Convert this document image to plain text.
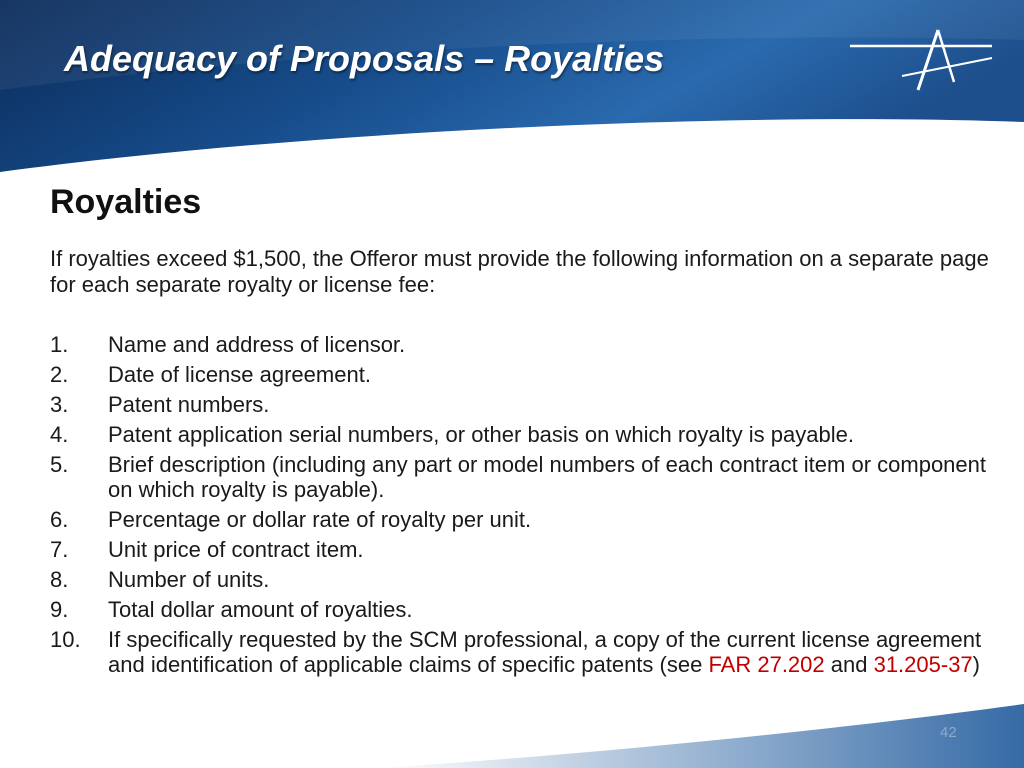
Adequacy of Proposals – Royalties
Royalties

If royalties exceed $1,500, the Offeror must provide the following information on a separate page for each separate royalty or license fee:

1.	Name and address of licensor.
2.	Date of license agreement.
3.	Patent numbers.
4.	Patent application serial numbers, or other basis on which royalty is payable.
5.	Brief description (including any part or model numbers of each contract item or component on which royalty is payable).
6.	Percentage or dollar rate of royalty per unit.
7.	Unit price of contract item.
8.	Number of units.
9.	Total dollar amount of royalties.
10.	If specifically requested by the SCM professional, a copy of the current license agreement and identification of applicable claims of specific patents (see FAR 27.202 and 31.205-37)
42
